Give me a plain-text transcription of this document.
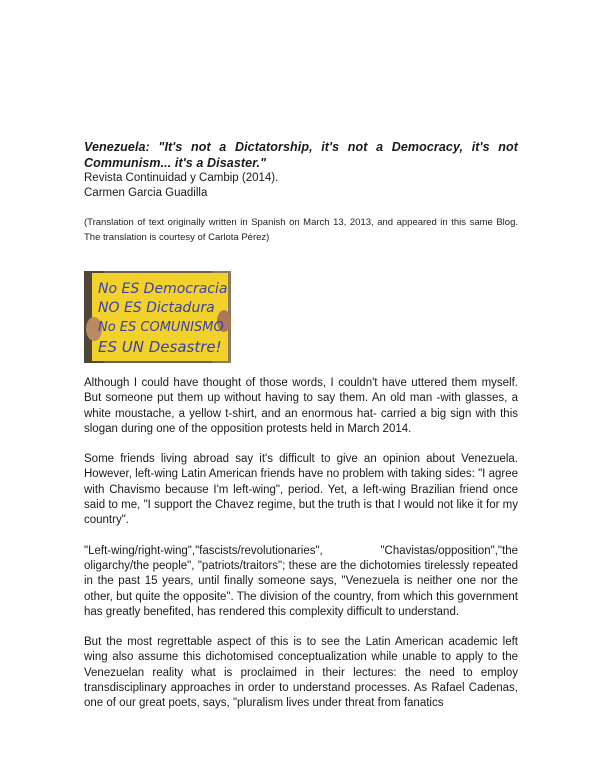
Venezuela: "It's not a Dictatorship, it's not a Democracy, it's not Communism... it's a Disaster."

Revista Continuidad y Cambip (2014).

Carmen Garcia Guadilla

(Translation of text originally written in Spanish on March 13, 2013, and appeared in this same Blog. The translation is courtesy of Carlota Pérez)

No ES Democracia
NO ES Dictadura
No ES COMUNISMO
ES UN Desastre!

Although I could have thought of those words, I couldn't have uttered them myself. But someone put them up without having to say them. An old man -with glasses, a white moustache, a yellow t-shirt, and an enormous hat- carried a big sign with this slogan during one of the opposition protests held in March 2014.

Some friends living abroad say it's difficult to give an opinion about Venezuela. However, left-wing Latin American friends have no problem with taking sides: "I agree with Chavismo because I'm left-wing", period. Yet, a left-wing Brazilian friend once said to me, "I support the Chavez regime, but the truth is that I would not like it for my country".

"Left-wing/right-wing","fascists/revolutionaries", "Chavistas/opposition","the oligarchy/the people", "patriots/traitors"; these are the dichotomies tirelessly repeated in the past 15 years, until finally someone says, "Venezuela is neither one nor the other, but quite the opposite". The division of the country, from which this government has greatly benefited, has rendered this complexity difficult to understand.

But the most regrettable aspect of this is to see the Latin American academic left wing also assume this dichotomised conceptualization while unable to apply to the Venezuelan reality what is proclaimed in their lectures: the need to employ transdisciplinary approaches in order to understand processes. As Rafael Cadenas, one of our great poets, says, "pluralism lives under threat from fanatics
